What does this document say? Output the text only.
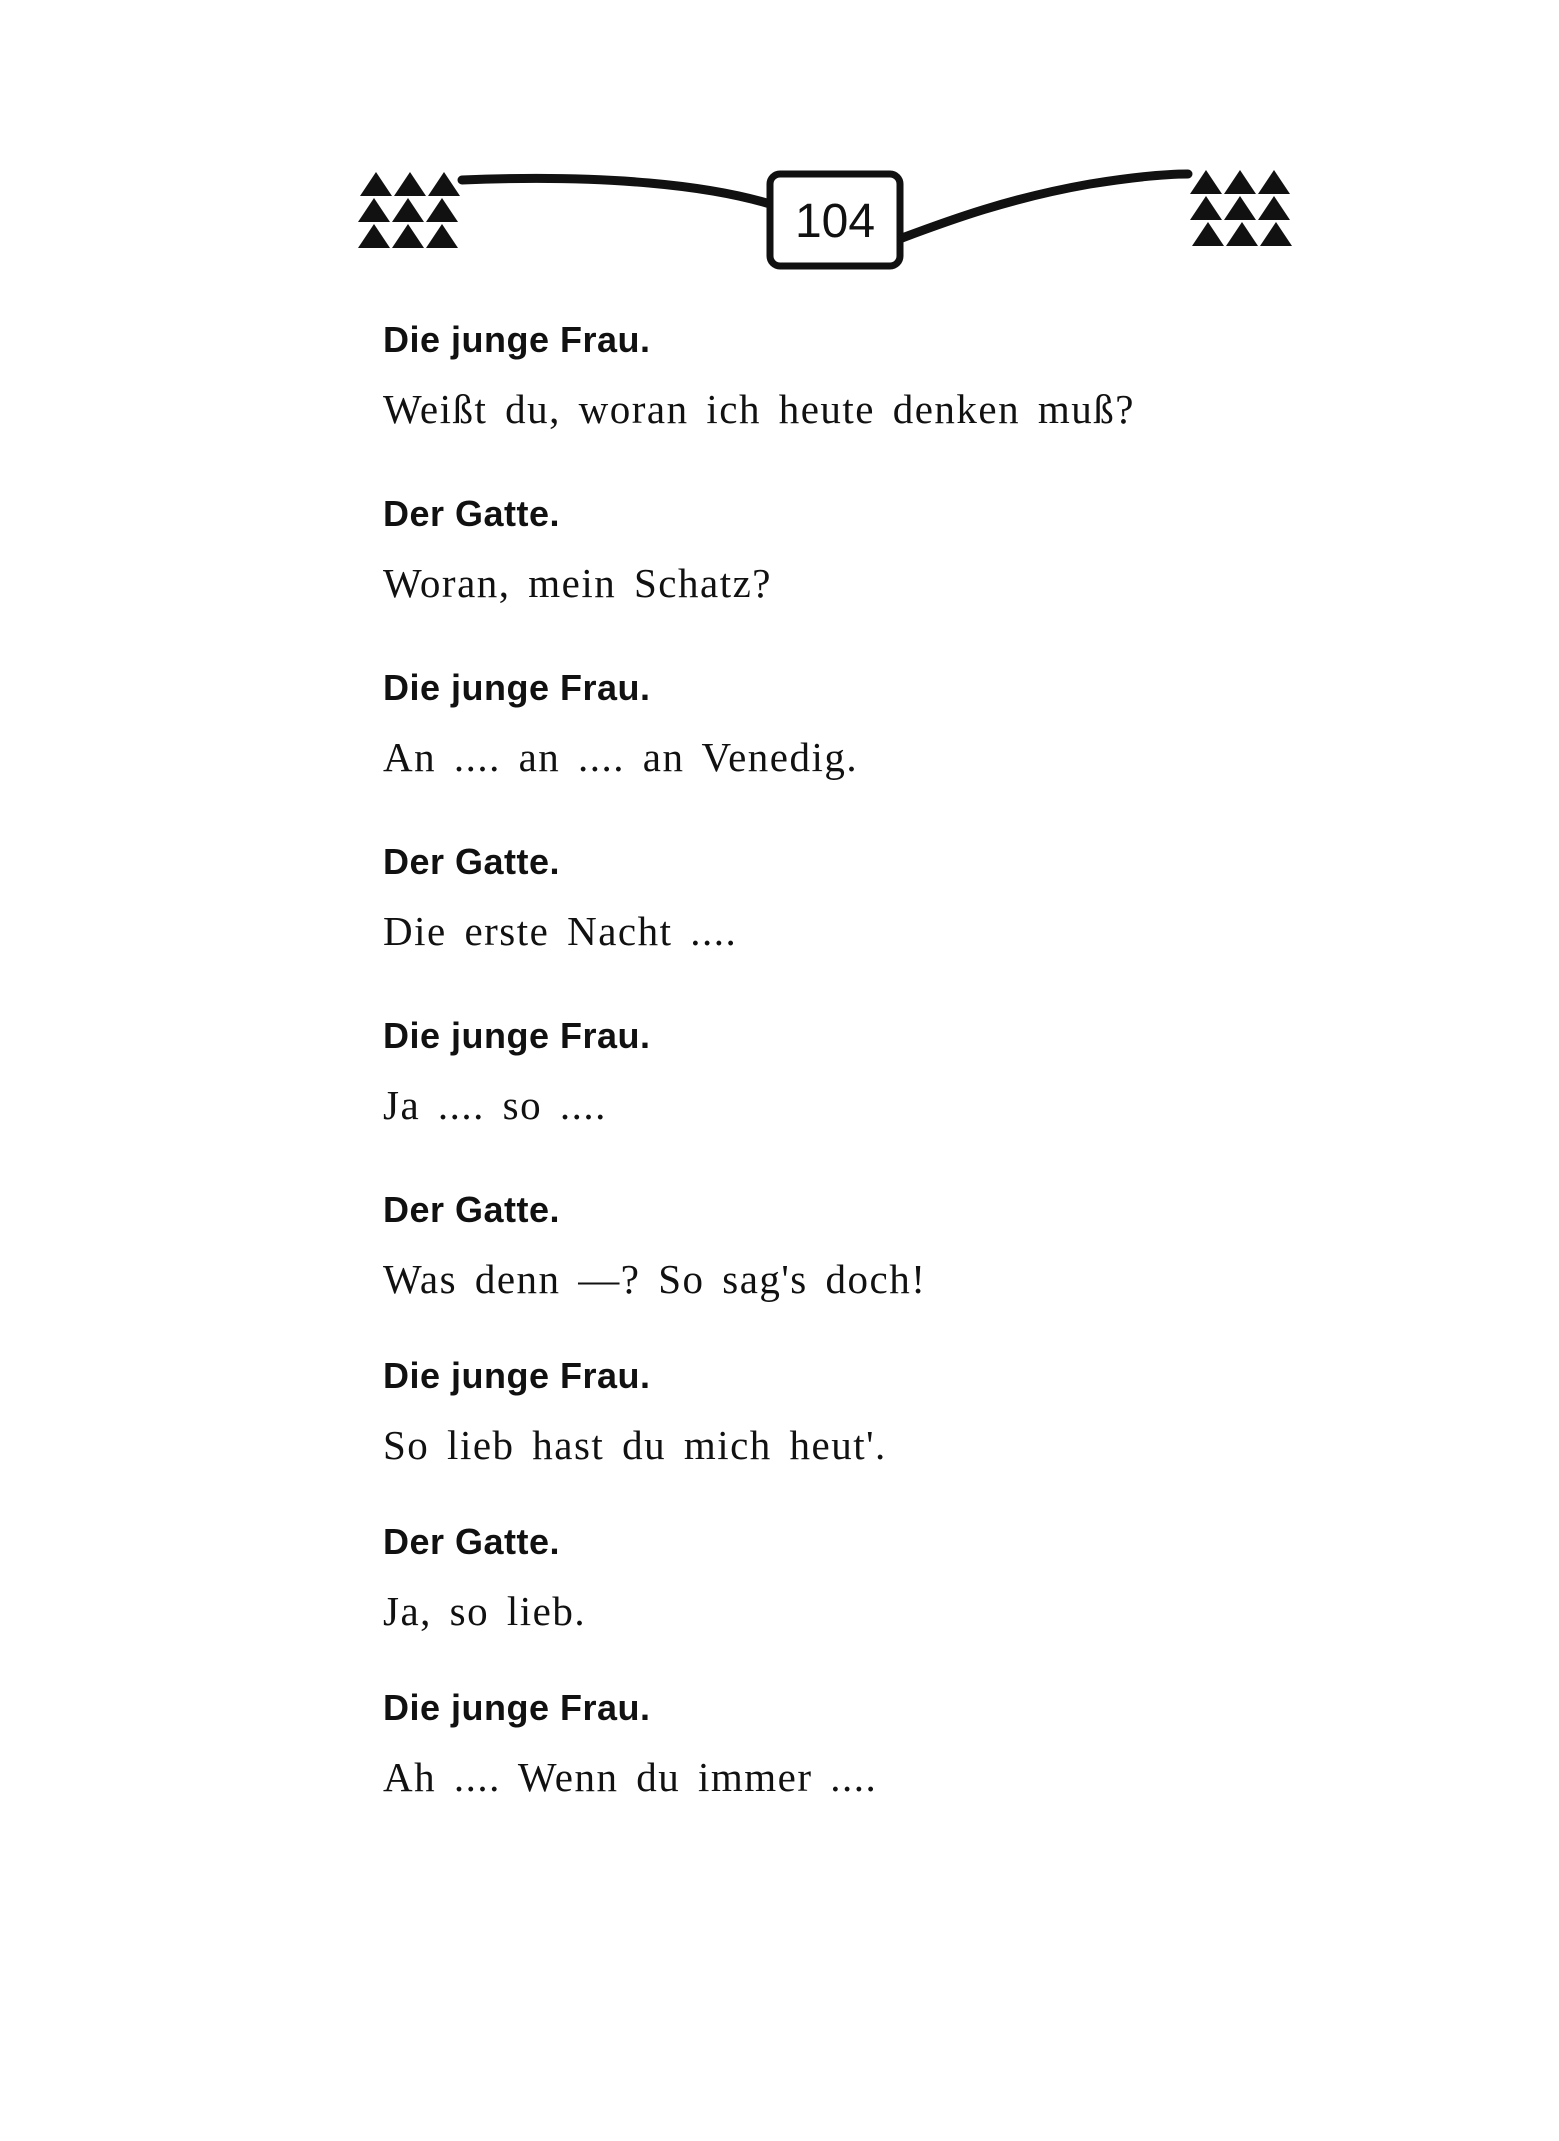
104

Die junge Frau.

Weißt du, woran ich heute denken muß?

Der Gatte.

Woran, mein Schatz?

Die junge Frau.

An .... an .... an Venedig.

Der Gatte.

Die erste Nacht ....

Die junge Frau.

Ja .... so ....

Der Gatte.

Was denn —? So sag's doch!

Die junge Frau.

So lieb hast du mich heut'.

Der Gatte.

Ja, so lieb.

Die junge Frau.

Ah .... Wenn du immer ....
